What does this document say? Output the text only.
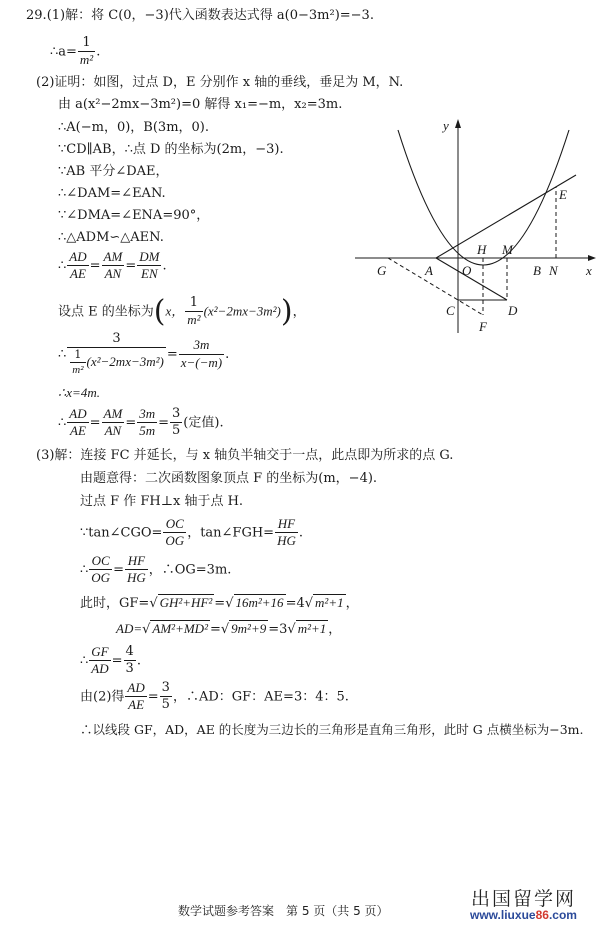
29.(1)解：将 C(0，−3)代入函数表达式得 a(0−3m²)=−3.
∴a= $\frac{1}{\text{m²}}$ .
(2)证明：如图，过点 D，E 分别作 x 轴的垂线，垂足为 M，N.
由 a(x²−2mx−3m²)=0 解得 x₁=−m，x₂=3m.
∴A(−m，0)，B(3m，0).
∵CD∥AB，∴点 D 的坐标为(2m，−3).
∵AB 平分∠DAE，
∴∠DAM=∠EAN.
∵∠DMA=∠ENA=90°，
∴△ADM∽△AEN.
∴ $\frac{AD}{AE} = \frac{AM}{AN} = \frac{DM}{EN}$ .
设点 E 的坐标为(x， $\frac{1}{\text{m²}} (x^2-2mx-3m^2)$)，
∴ $\frac{3}{\frac{1}{\text{m²}} (x^2-2mx-3m^2)} = \frac{3m}{x-(-m)}$ .
∴x=4m.
∴ $\frac{AD}{AE} = \frac{AM}{AN} = \frac{3m}{5m} = \frac{3}{5}$ (定值).
(3)解：连接 FC 并延长，与 x 轴负半轴交于一点，此点即为所求的点 G.
由题意得：二次函数图象顶点 F 的坐标为(m，−4).
过点 F 作 FH⊥x 轴于点 H.
∵tan∠CGO= $\frac{OC}{OG}$ ，tan∠FGH= $\frac{HF}{HG}$ .
∴ $\frac{OC}{OG} = \frac{HF}{HG}$ ，∴OG=3m.
此时，GF=√ GH²+HF² =√ 16m²+16 =4√ m²+1 ，
AD=√ AM²+MD² =√ 9m²+9 =3√ m²+1 ，
∴ $\frac{GF}{AD} = \frac{4}{3}$ .
由(2)得 $\frac{AD}{AE} = \frac{3}{5}$ ，∴AD：GF：AE=3：4：5.
∴以线段 GF，AD，AE 的长度为三边长的三角形是直角三角形，此时 G 点横坐标为−3m.
y
x
G	A O
H M
B N
E
C	D
F
数学试题参考答案　第 5 页（共 5 页）
出国留学网
www.liuxue86.com
